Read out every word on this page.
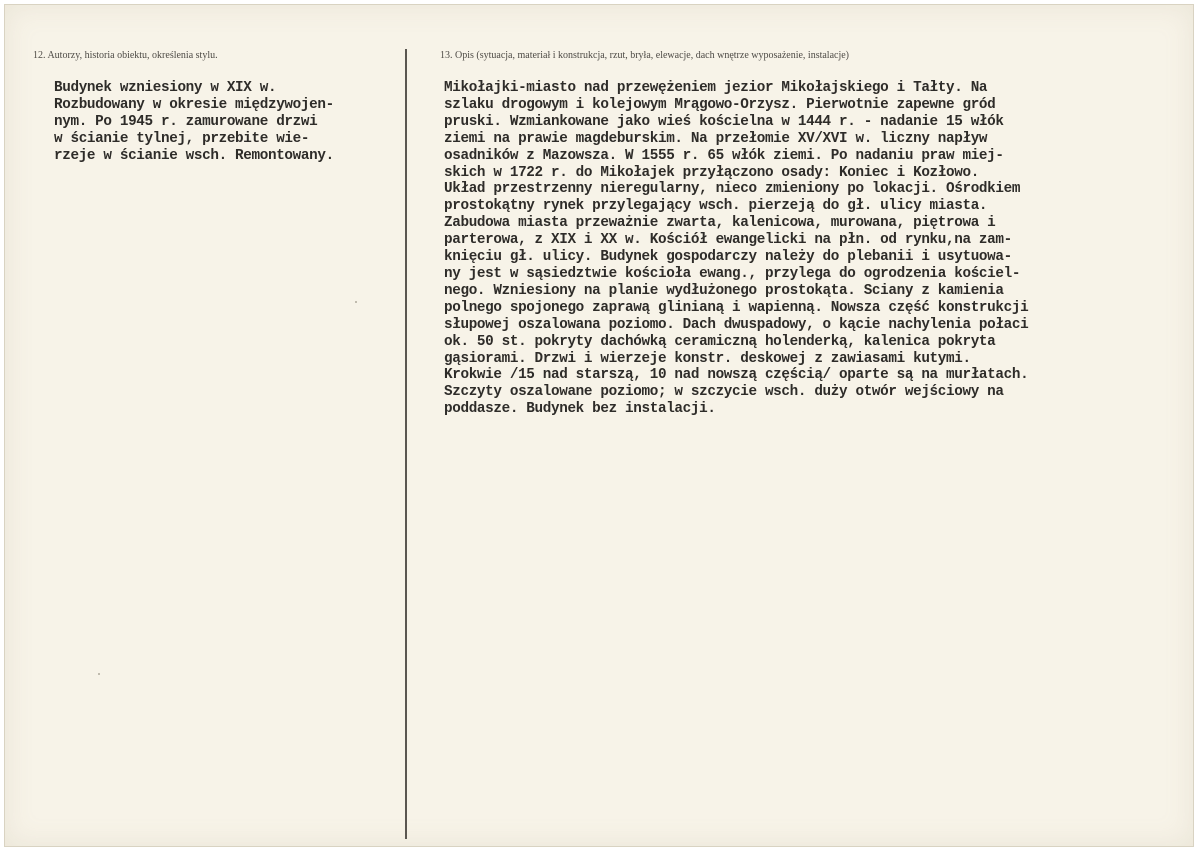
12. Autorzy, historia obiektu, określenia stylu.	13. Opis (sytuacja, materiał i konstrukcja, rzut, bryła, elewacje, dach wnętrze wyposażenie, instalacje)

Budynek wzniesiony w XIX w.
Rozbudowany w okresie międzywojen-
nym. Po 1945 r. zamurowane drzwi
w ścianie tylnej, przebite wie-
rzeje w ścianie wsch. Remontowany.

Mikołajki-miasto nad przewężeniem jezior Mikołajskiego i Tałty. Na
szlaku drogowym i kolejowym Mrągowo-Orzysz. Pierwotnie zapewne gród
pruski. Wzmiankowane jako wieś kościelna w 1444 r. - nadanie 15 włók
ziemi na prawie magdeburskim. Na przełomie XV/XVI w. liczny napływ
osadników z Mazowsza. W 1555 r. 65 włók ziemi. Po nadaniu praw miej-
skich w 1722 r. do Mikołajek przyłączono osady: Koniec i Kozłowo.
Układ przestrzenny nieregularny, nieco zmieniony po lokacji. Ośrodkiem
prostokątny rynek przylegający wsch. pierzeją do gł. ulicy miasta.
Zabudowa miasta przeważnie zwarta, kalenicowa, murowana, piętrowa i
parterowa, z XIX i XX w. Kościół ewangelicki na płn. od rynku,na zam-
knięciu gł. ulicy. Budynek gospodarczy należy do plebanii i usytuowa-
ny jest w sąsiedztwie kościoła ewang., przylega do ogrodzenia kościel-
nego. Wzniesiony na planie wydłużonego prostokąta. Sciany z kamienia
polnego spojonego zaprawą glinianą i wapienną. Nowsza część konstrukcji
słupowej oszalowana poziomo. Dach dwuspadowy, o kącie nachylenia połaci
ok. 50 st. pokryty dachówką ceramiczną holenderką, kalenica pokryta
gąsiorami. Drzwi i wierzeje konstr. deskowej z zawiasami kutymi.
Krokwie /15 nad starszą, 10 nad nowszą częścią/ oparte są na murłatach.
Szczyty oszalowane poziomo; w szczycie wsch. duży otwór wejściowy na
poddasze. Budynek bez instalacji.
